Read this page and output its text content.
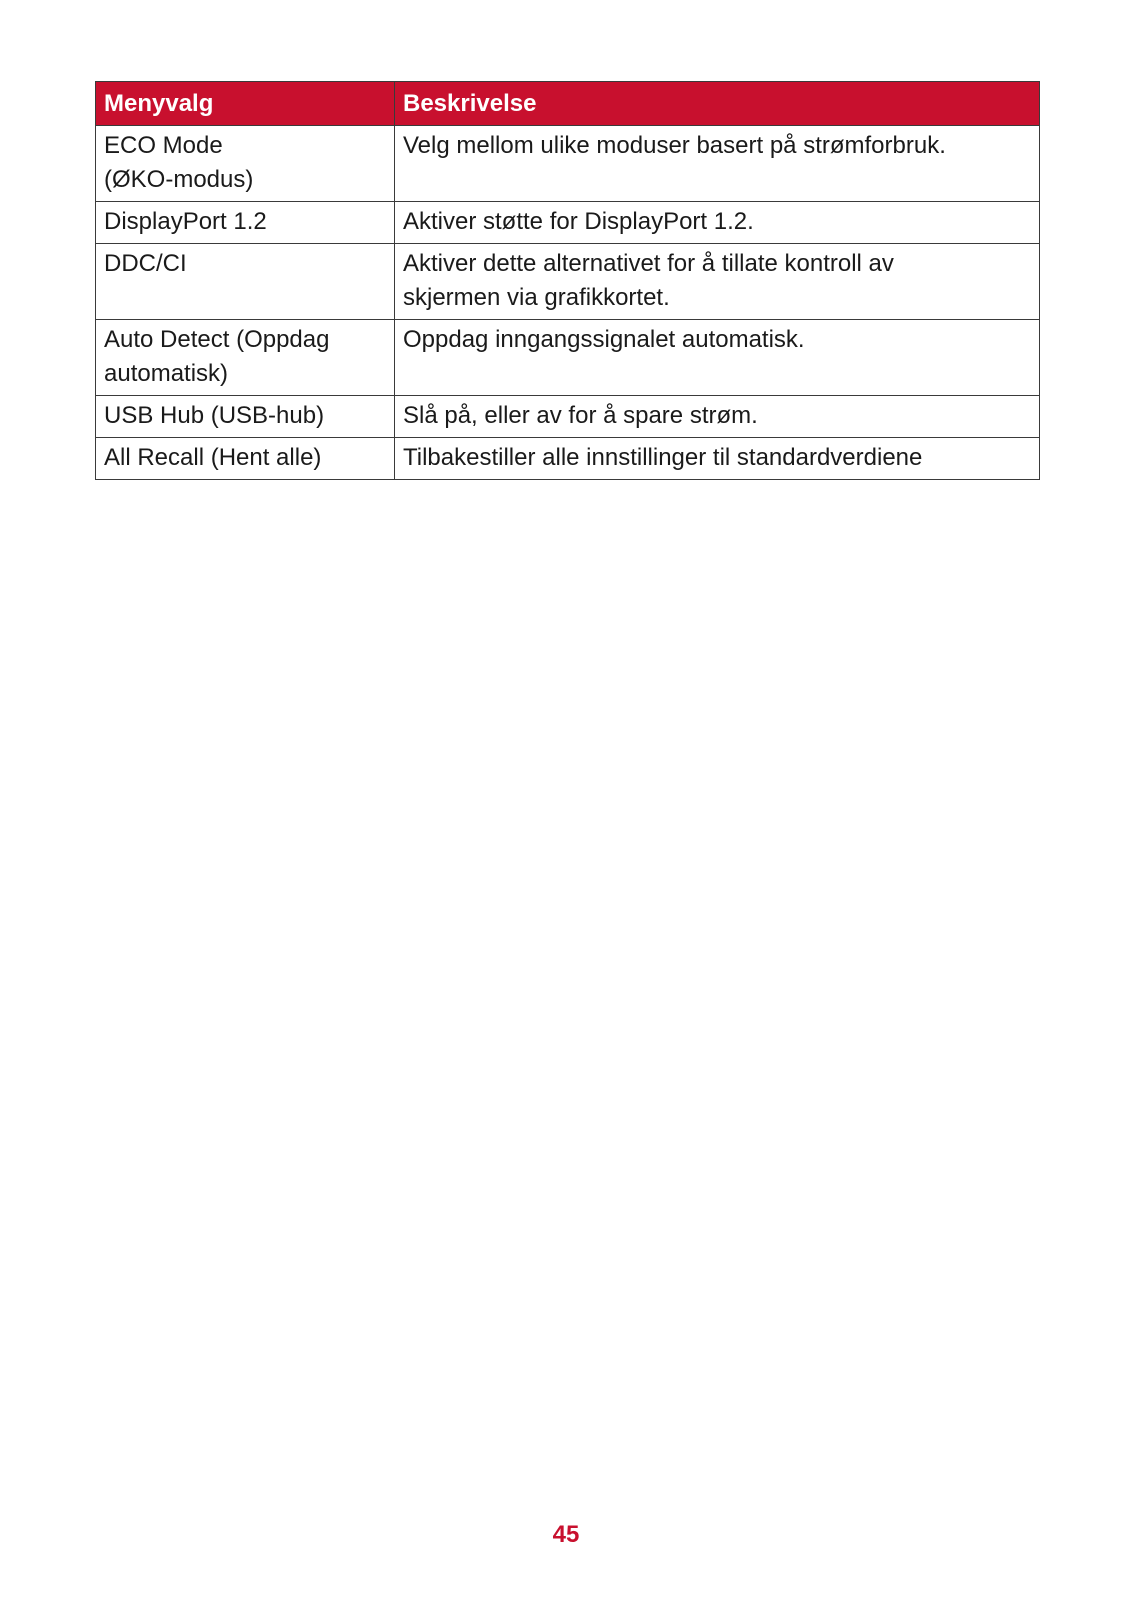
Menyvalg	Beskrivelse

ECO Mode
(ØKO-modus)	Velg mellom ulike moduser basert på strømforbruk.

DisplayPort 1.2	Aktiver støtte for DisplayPort 1.2.

DDC/CI	Aktiver dette alternativet for å tillate kontroll av
skjermen via grafikkortet.

Auto Detect (Oppdag
automatisk)	Oppdag inngangssignalet automatisk.

USB Hub (USB-hub)	Slå på, eller av for å spare strøm.

All Recall (Hent alle)	Tilbakestiller alle innstillinger til standardverdiene
45
